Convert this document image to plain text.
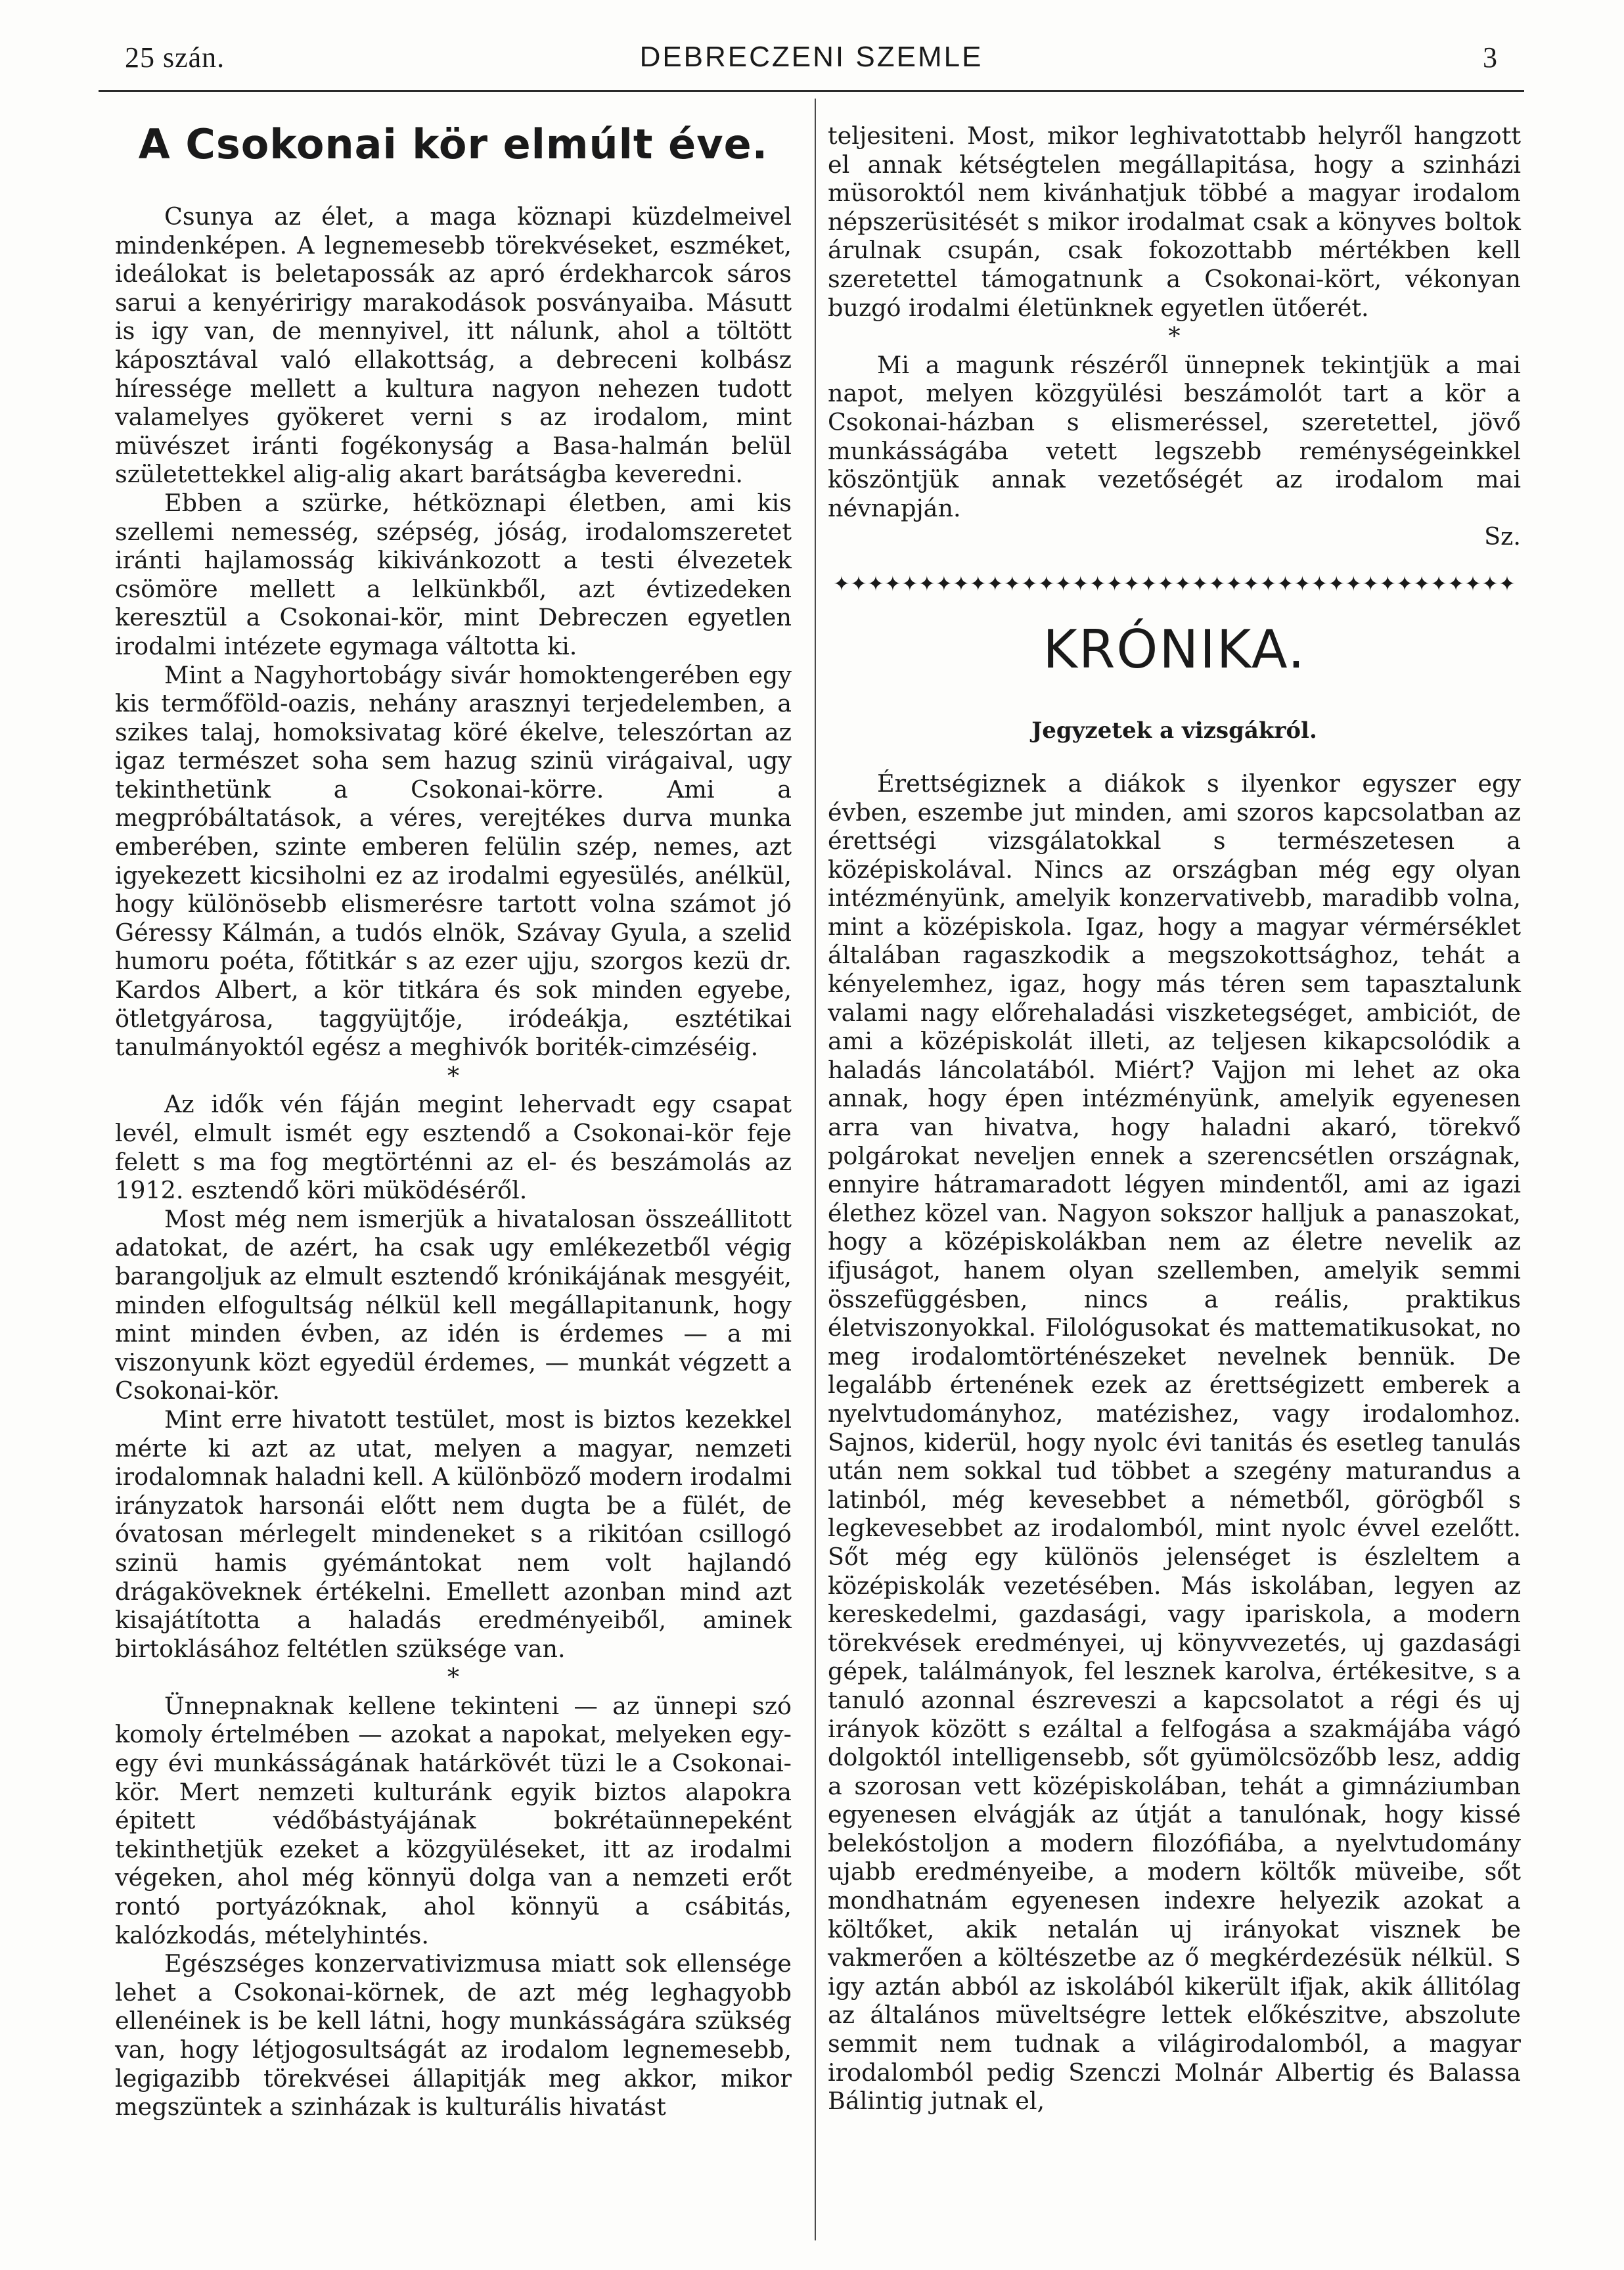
25 szán.	DEBRECZENI SZEMLE	3
A Csokonai kör elmúlt éve.

Csunya az élet, a maga köznapi küzdelmeivel mindenképen. A legnemesebb törekvéseket, eszméket, ideálokat is beletapossák az apró érdekharcok sáros sarui a kenyéririgy marakodások posványaiba. Másutt is igy van, de mennyivel, itt nálunk, ahol a töltött káposztával való ellakottság, a debreceni kolbász híressége mellett a kultura nagyon nehezen tudott valamelyes gyökeret verni s az irodalom, mint müvészet iránti fogékonyság a Basa-halmán belül születettekkel alig-alig akart barátságba keveredni.

Ebben a szürke, hétköznapi életben, ami kis szellemi nemesség, szépség, jóság, irodalomszeretet iránti hajlamosság kikivánkozott a testi élvezetek csömöre mellett a lelkünkből, azt évtizedeken keresztül a Csokonai-kör, mint Debreczen egyetlen irodalmi intézete egymaga váltotta ki.

Mint a Nagyhortobágy sivár homoktengerében egy kis termőföld-oazis, nehány arasznyi terjedelemben, a szikes talaj, homoksivatag köré ékelve, teleszórtan az igaz természet soha sem hazug szinü virágaival, ugy tekinthetünk a Csokonai-körre. Ami a megpróbáltatások, a véres, verejtékes durva munka emberében, szinte emberen felülin szép, nemes, azt igyekezett kicsiholni ez az irodalmi egyesülés, anélkül, hogy különösebb elismerésre tartott volna számot jó Géressy Kálmán, a tudós elnök, Szávay Gyula, a szelid humoru poéta, főtitkár s az ezer ujju, szorgos kezü dr. Kardos Albert, a kör titkára és sok minden egyebe, ötletgyárosa, taggyüjtője, iródeákja, esztétikai tanulmányoktól egész a meghivók boriték-cimzéséig.

*

Az idők vén fáján megint lehervadt egy csapat levél, elmult ismét egy esztendő a Csokonai-kör feje felett s ma fog megtörténni az el- és beszámolás az 1912. esztendő köri müködéséről.

Most még nem ismerjük a hivatalosan összeállitott adatokat, de azért, ha csak ugy emlékezetből végig barangoljuk az elmult esztendő krónikájának mesgyéit, minden elfogultság nélkül kell megállapitanunk, hogy mint minden évben, az idén is érdemes — a mi viszonyunk közt egyedül érdemes, — munkát végzett a Csokonai-kör.

Mint erre hivatott testület, most is biztos kezekkel mérte ki azt az utat, melyen a magyar, nemzeti irodalomnak haladni kell. A különböző modern irodalmi irányzatok harsonái előtt nem dugta be a fülét, de óvatosan mérlegelt mindeneket s a rikitóan csillogó szinü hamis gyémántokat nem volt hajlandó drágaköveknek értékelni. Emellett azonban mind azt kisajátította a haladás eredményeiből, aminek birtoklásához feltétlen szüksége van.

*

Ünnepnaknak kellene tekinteni — az ünnepi szó komoly értelmében — azokat a napokat, melyeken egy-egy évi munkásságának határkövét tüzi le a Csokonai-kör. Mert nemzeti kulturánk egyik biztos alapokra épitett védőbástyájának bokrétaünnepeként tekinthetjük ezeket a közgyüléseket, itt az irodalmi végeken, ahol még könnyü dolga van a nemzeti erőt rontó portyázóknak, ahol könnyü a csábitás, kalózkodás, mételyhintés.

Egészséges konzervativizmusa miatt sok ellensége lehet a Csokonai-körnek, de azt még leghagyobb ellenéinek is be kell látni, hogy munkásságára szükség van, hogy létjogosultságát az irodalom legnemesebb, legigazibb törekvései állapitják meg akkor, mikor megszüntek a szinházak is kulturális hivatást

teljesiteni. Most, mikor leghivatottabb helyről hangzott el annak kétségtelen megállapitása, hogy a szinházi müsoroktól nem kivánhatjuk többé a magyar irodalom népszerüsitését s mikor irodalmat csak a könyves boltok árulnak csupán, csak fokozottabb mértékben kell szeretettel támogatnunk a Csokonai-kört, vékonyan buzgó irodalmi életünknek egyetlen ütőerét.

*

Mi a magunk részéről ünnepnek tekintjük a mai napot, melyen közgyülési beszámolót tart a kör a Csokonai-házban s elismeréssel, szeretettel, jövő munkásságába vetett legszebb reménységeinkkel köszöntjük annak vezetőségét az irodalom mai névnapján.

Sz.
✦✦✦✦✦✦✦✦✦✦✦✦✦✦✦✦✦✦✦✦✦✦✦✦✦✦✦✦✦✦✦✦✦✦✦✦✦✦✦✦
KRÓNIKA.
Jegyzetek a vizsgákról.

Érettségiznek a diákok s ilyenkor egyszer egy évben, eszembe jut minden, ami szoros kapcsolatban az érettségi vizsgálatokkal s természetesen a középiskolával. Nincs az országban még egy olyan intézményünk, amelyik konzervativebb, maradibb volna, mint a középiskola. Igaz, hogy a magyar vérmérséklet általában ragaszkodik a megszokottsághoz, tehát a kényelemhez, igaz, hogy más téren sem tapasztalunk valami nagy előrehaladási viszketegséget, ambiciót, de ami a középiskolát illeti, az teljesen kikapcsolódik a haladás láncolatából. Miért? Vajjon mi lehet az oka annak, hogy épen intézményünk, amelyik egyenesen arra van hivatva, hogy haladni akaró, törekvő polgárokat neveljen ennek a szerencsétlen országnak, ennyire hátramaradott légyen mindentől, ami az igazi élethez közel van. Nagyon sokszor halljuk a panaszokat, hogy a középiskolákban nem az életre nevelik az ifjuságot, hanem olyan szellemben, amelyik semmi összefüggésben, nincs a reális, praktikus életviszonyokkal. Filológusokat és mattematikusokat, no meg irodalomtörténészeket nevelnek bennük. De legalább értenének ezek az érettségizett emberek a nyelvtudományhoz, matézishez, vagy irodalomhoz. Sajnos, kiderül, hogy nyolc évi tanitás és esetleg tanulás után nem sokkal tud többet a szegény maturandus a latinból, még kevesebbet a németből, görögből s legkevesebbet az irodalomból, mint nyolc évvel ezelőtt. Sőt még egy különös jelenséget is észleltem a középiskolák vezetésében. Más iskolában, legyen az kereskedelmi, gazdasági, vagy ipariskola, a modern törekvések eredményei, uj könyvvezetés, uj gazdasági gépek, találmányok, fel lesznek karolva, értékesitve, s a tanuló azonnal észreveszi a kapcsolatot a régi és uj irányok között s ezáltal a felfogása a szakmájába vágó dolgoktól intelligensebb, sőt gyümölcsözőbb lesz, addig a szorosan vett középiskolában, tehát a gimnáziumban egyenesen elvágják az útját a tanulónak, hogy kissé belekóstoljon a modern filozófiába, a nyelvtudomány ujabb eredményeibe, a modern költők müveibe, sőt mondhatnám egyenesen indexre helyezik azokat a költőket, akik netalán uj irányokat visznek be vakmerően a költészetbe az ő megkérdezésük nélkül. S igy aztán abból az iskolából kikerült ifjak, akik állitólag az általános müveltségre lettek előkészitve, abszolute semmit nem tudnak a világirodalomból, a magyar irodalomból pedig Szenczi Molnár Albertig és Balassa Bálintig jutnak el,
